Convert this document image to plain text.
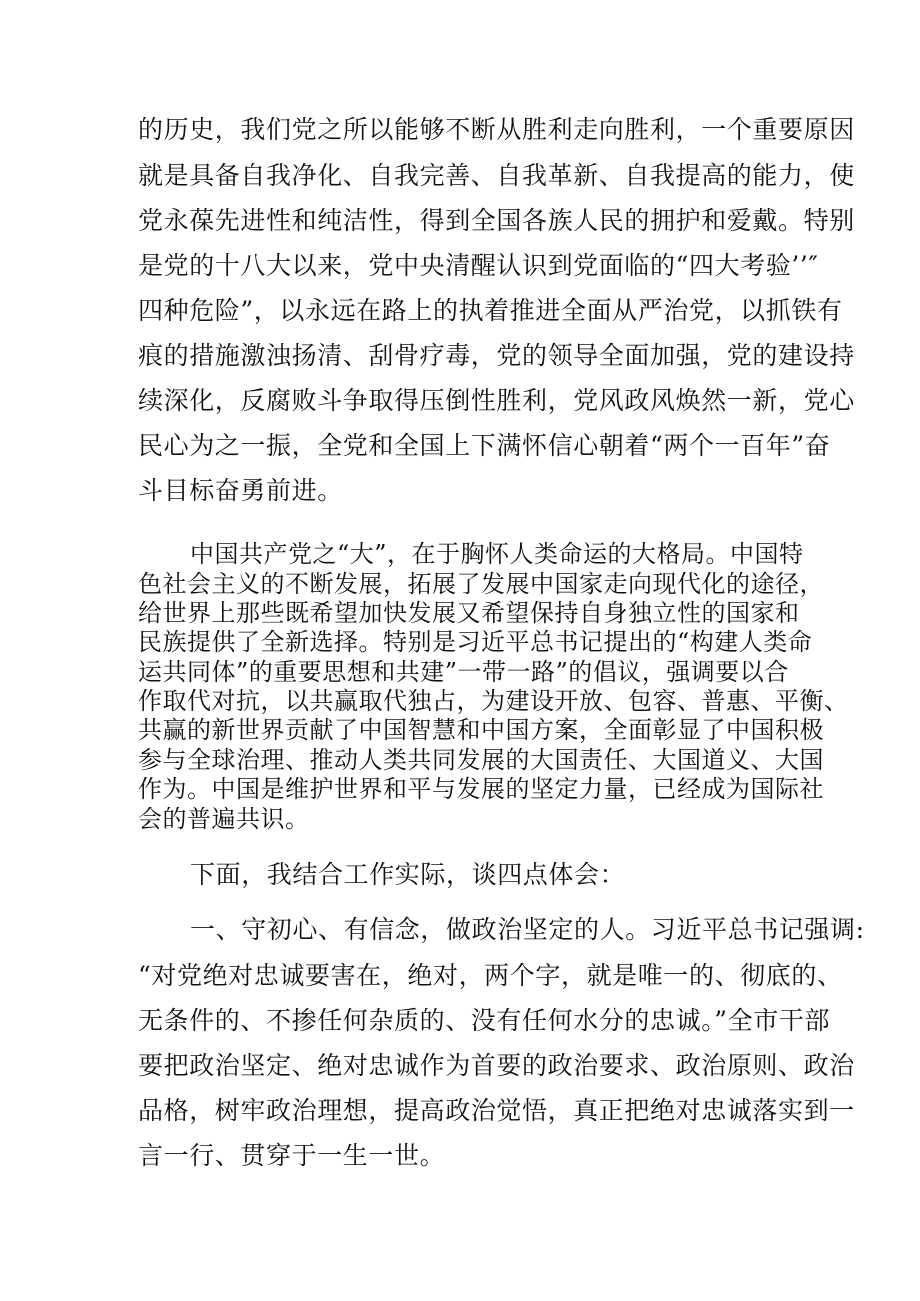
的历史，我们党之所以能够不断从胜利走向胜利，一个重要原因

就是具备自我净化、自我完善、自我革新、自我提高的能力，使

党永葆先进性和纯洁性，得到全国各族人民的拥护和爱戴。特别

是党的十八大以来，党中央清醒认识到党面临的“四大考验’’″

四种危险”，以永远在路上的执着推进全面从严治党，以抓铁有

痕的措施激浊扬清、刮骨疗毒，党的领导全面加强，党的建设持

续深化，反腐败斗争取得压倒性胜利，党风政风焕然一新，党心

民心为之一振，全党和全国上下满怀信心朝着“两个一百年”奋

斗目标奋勇前进。

中国共产党之“大”，在于胸怀人类命运的大格局。中国特

色社会主义的不断发展，拓展了发展中国家走向现代化的途径，

给世界上那些既希望加快发展又希望保持自身独立性的国家和

民族提供了全新选择。特别是习近平总书记提出的“构建人类命

运共同体”的重要思想和共建”一带一路”的倡议，强调要以合

作取代对抗，以共赢取代独占，为建设开放、包容、普惠、平衡、

共赢的新世界贡献了中国智慧和中国方案，全面彰显了中国积极

参与全球治理、推动人类共同发展的大国责任、大国道义、大国

作为。中国是维护世界和平与发展的坚定力量，已经成为国际社

会的普遍共识。

下面，我结合工作实际，谈四点体会：

一、守初心、有信念，做政治坚定的人。习近平总书记强调:

“对党绝对忠诚要害在，绝对，两个字，就是唯一的、彻底的、

无条件的、不掺任何杂质的、没有任何水分的忠诚。”全市干部

要把政治坚定、绝对忠诚作为首要的政治要求、政治原则、政治

品格，树牢政治理想，提高政治觉悟，真正把绝对忠诚落实到一

言一行、贯穿于一生一世。
